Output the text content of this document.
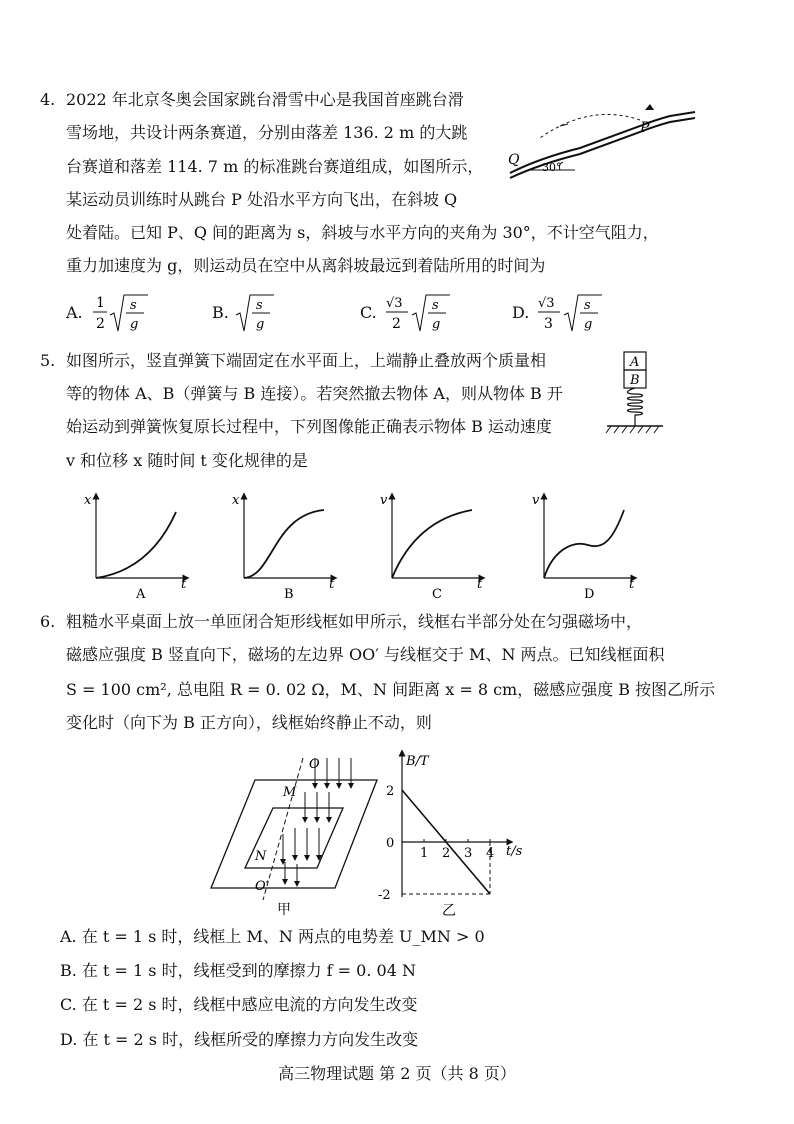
4. 2022 年北京冬奥会国家跳台滑雪中心是我国首座跳台滑
雪场地，共设计两条赛道，分别由落差 136. 2 m 的大跳
台赛道和落差 114. 7 m 的标准跳台赛道组成，如图所示，
某运动员训练时从跳台 P 处沿水平方向飞出，在斜坡 Q
处着陆。已知 P、Q 间的距离为 s，斜坡与水平方向的夹角为 30°，不计空气阻力，
重力加速度为 g，则运动员在空中从离斜坡最远到着陆所用的时间为
P
Q 30°
A. 1
2
s
g
B. s
g
C. √3
2
s
g
D. √3
3
s
g
5. 如图所示，竖直弹簧下端固定在水平面上，上端静止叠放两个质量相
等的物体 A、B（弹簧与 B 连接）。若突然撤去物体 A，则从物体 B 开
始运动到弹簧恢复原长过程中，下列图像能正确表示物体 B 运动速度
v 和位移 x 随时间 t 变化规律的是
A
B
x
t
A
x
t
B
v
t
C
v
t
D
6. 粗糙水平桌面上放一单匝闭合矩形线框如甲所示，线框右半部分处在匀强磁场中，
磁感应强度 B 竖直向下，磁场的左边界 OO′ 与线框交于 M、N 两点。已知线框面积
S = 100 cm², 总电阻 R = 0. 02 Ω，M、N 间距离 x = 8 cm，磁感应强度 B 按图乙所示
变化时（向下为 B 正方向），线框始终静止不动，则
O
M
N
O′
甲
B/T
t/s
1 2 3 4
2
0
-2
乙
A. 在 t = 1 s 时，线框上 M、N 两点的电势差 U_MN > 0
B. 在 t = 1 s 时，线框受到的摩擦力 f = 0. 04 N
C. 在 t = 2 s 时，线框中感应电流的方向发生改变
D. 在 t = 2 s 时，线框所受的摩擦力方向发生改变
高三物理试题 第 2 页（共 8 页）
